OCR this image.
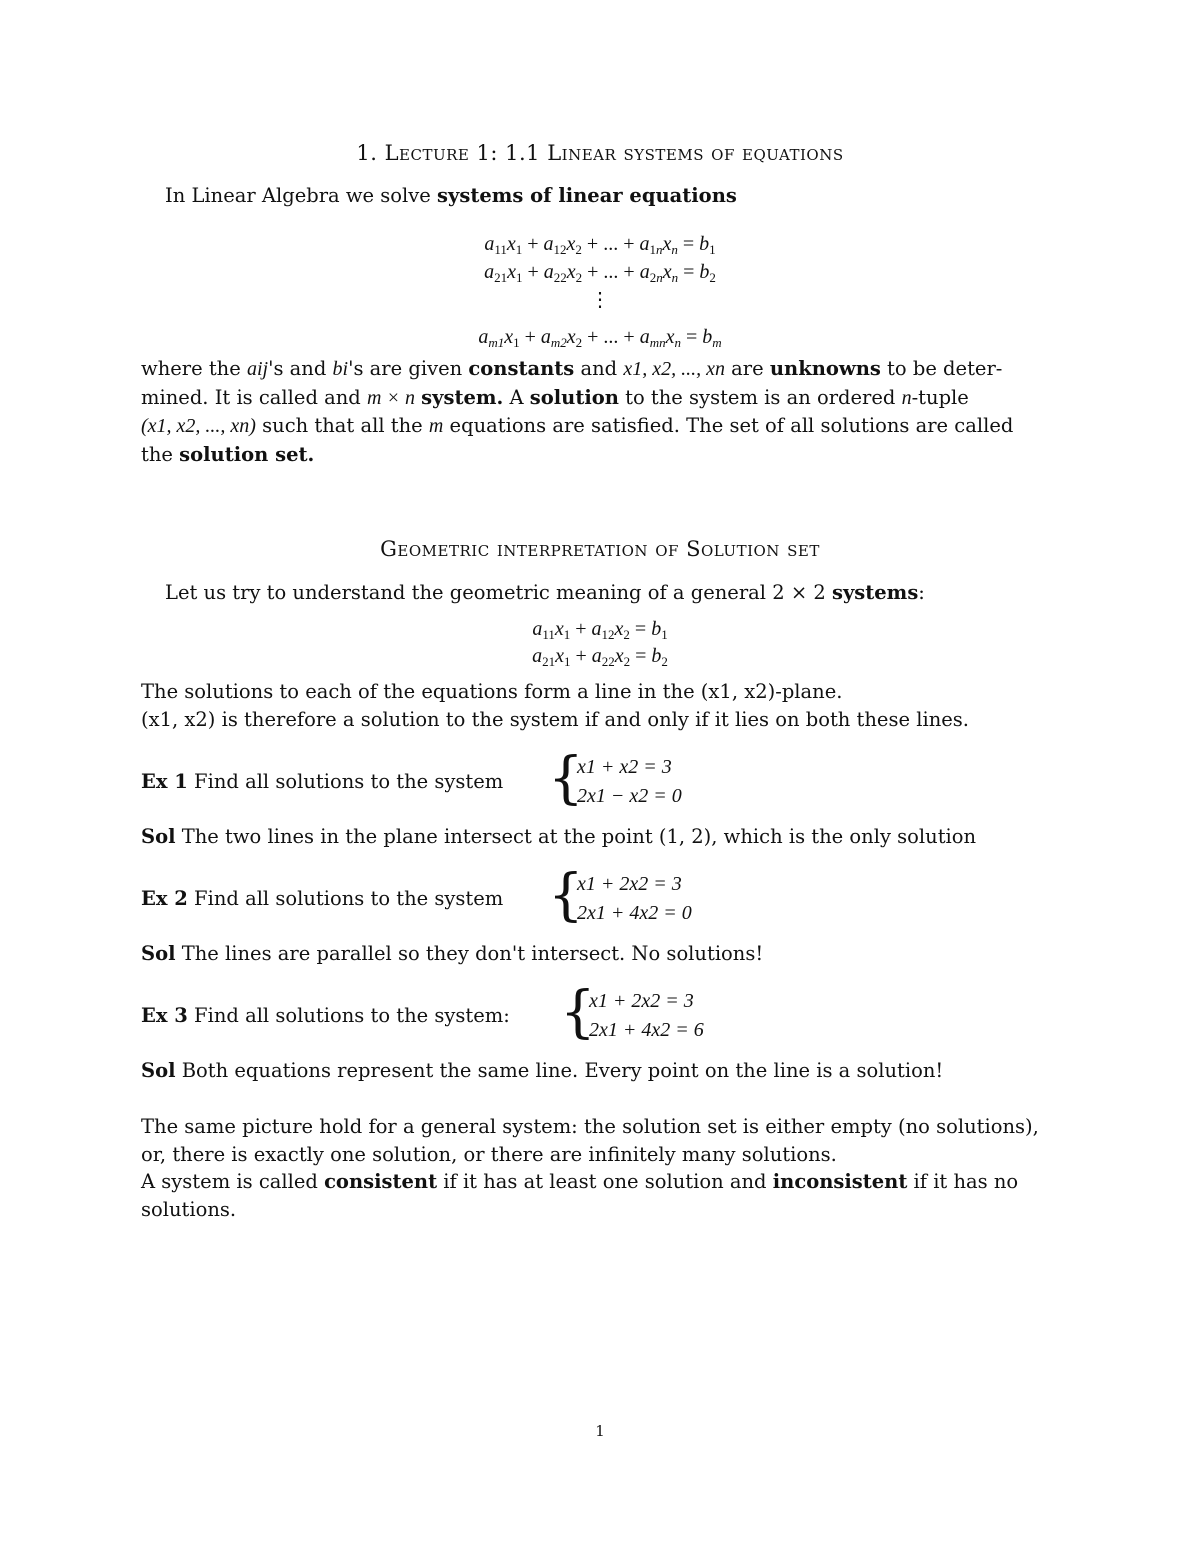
1. Lecture 1: 1.1 Linear systems of equations
In Linear Algebra we solve systems of linear equations
$a_{11}x_1 + a_{12}x_2$ + ... + $a_{1n}x_n = b_1$
$a_{21}x_1 + a_{22}x_2$ + ... + $a_{2n}x_n = b_2$
⋮
$a_{m1}x_1 + a_{m2}x_2$ + ... + $a_{mn}x_n = b_m$
where the aij's and bi's are given constants and x1, x2, ..., xn are unknowns to be deter-
mined. It is called and m × n system. A solution to the system is an ordered n-tuple
(x1, x2, ..., xn) such that all the m equations are satisfied. The set of all solutions are called
the solution set.
Geometric interpretation of Solution set
Let us try to understand the geometric meaning of a general 2 × 2 systems:
$a_{11}x_1 + a_{12}x_2 = b_1$
$a_{21}x_1 + a_{22}x_2 = b_2$
The solutions to each of the equations form a line in the (x1, x2)-plane.
(x1, x2) is therefore a solution to the system if and only if it lies on both these lines.
Ex 1 Find all solutions to the system {
x1 + x2 = 3
2x1 − x2 = 0
Sol The two lines in the plane intersect at the point (1, 2), which is the only solution
Ex 2 Find all solutions to the system {
x1 + 2x2 = 3
2x1 + 4x2 = 0
Sol The lines are parallel so they don't intersect. No solutions!
Ex 3 Find all solutions to the system: {
x1 + 2x2 = 3
2x1 + 4x2 = 6
Sol Both equations represent the same line. Every point on the line is a solution!
The same picture hold for a general system: the solution set is either empty (no solutions),
or, there is exactly one solution, or there are infinitely many solutions.
A system is called consistent if it has at least one solution and inconsistent if it has no
solutions.
1
